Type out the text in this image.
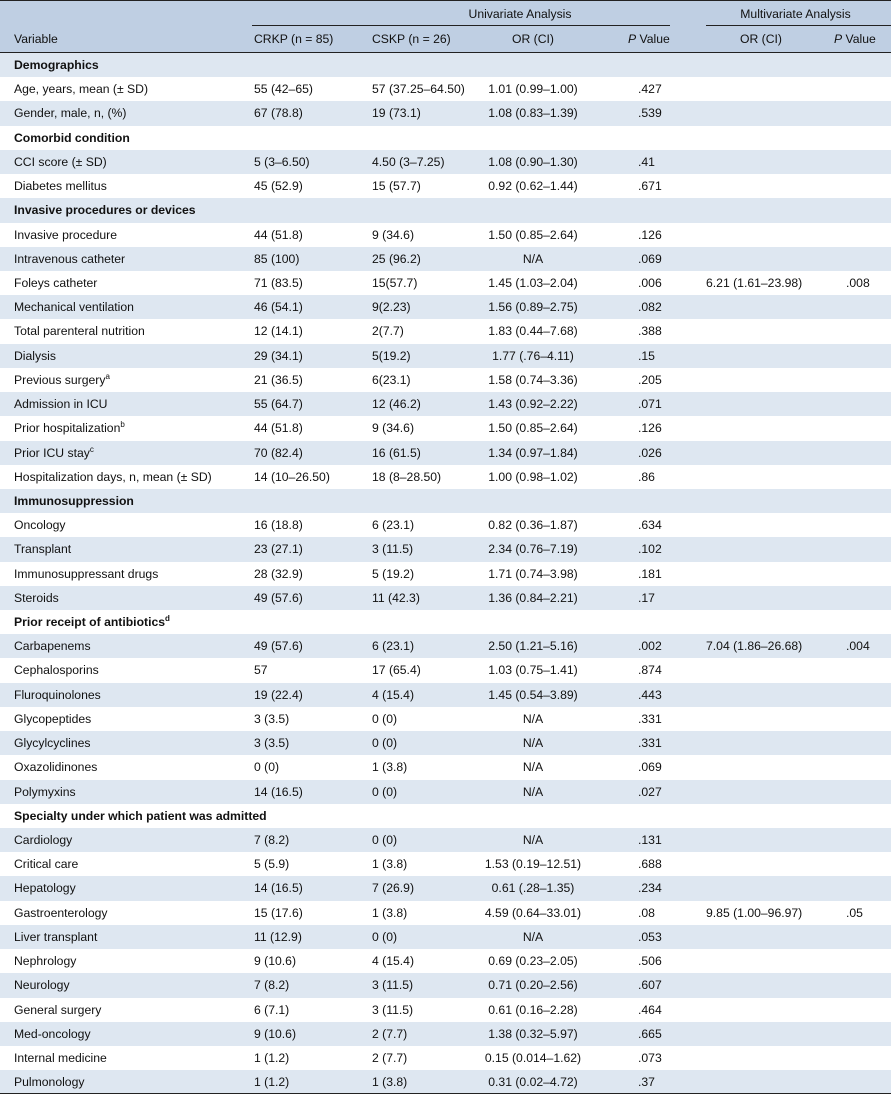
Univariate Analysis	Multivariate Analysis
Variable	CRKP (n = 85)	CSKP (n = 26)	OR (CI)	P Value	OR (CI)	P Value
Demographics
Age, years, mean (± SD)	55 (42–65)	57 (37.25–64.50)	1.01 (0.99–1.00)	.427
Gender, male, n, (%)	67 (78.8)	19 (73.1)	1.08 (0.83–1.39)	.539
Comorbid condition
CCI score (± SD)	5 (3–6.50)	4.50 (3–7.25)	1.08 (0.90–1.30)	.41
Diabetes mellitus	45 (52.9)	15 (57.7)	0.92 (0.62–1.44)	.671
Invasive procedures or devices
Invasive procedure	44 (51.8)	9 (34.6)	1.50 (0.85–2.64)	.126
Intravenous catheter	85 (100)	25 (96.2)	N/A	.069
Foleys catheter	71 (83.5)	15(57.7)	1.45 (1.03–2.04)	.006	6.21 (1.61–23.98)	.008
Mechanical ventilation	46 (54.1)	9(2.23)	1.56 (0.89–2.75)	.082
Total parenteral nutrition	12 (14.1)	2(7.7)	1.83 (0.44–7.68)	.388
Dialysis	29 (34.1)	5(19.2)	1.77 (.76–4.11)	.15
Previous surgery$^a$	21 (36.5)	6(23.1)	1.58 (0.74–3.36)	.205
Admission in ICU	55 (64.7)	12 (46.2)	1.43 (0.92–2.22)	.071
Prior hospitalization$^b$	44 (51.8)	9 (34.6)	1.50 (0.85–2.64)	.126
Prior ICU stay$^c$	70 (82.4)	16 (61.5)	1.34 (0.97–1.84)	.026
Hospitalization days, n, mean (± SD)	14 (10–26.50)	18 (8–28.50)	1.00 (0.98–1.02)	.86
Immunosuppression
Oncology	16 (18.8)	6 (23.1)	0.82 (0.36–1.87)	.634
Transplant	23 (27.1)	3 (11.5)	2.34 (0.76–7.19)	.102
Immunosuppressant drugs	28 (32.9)	5 (19.2)	1.71 (0.74–3.98)	.181
Steroids	49 (57.6)	11 (42.3)	1.36 (0.84–2.21)	.17
Prior receipt of antibiotics$^d$
Carbapenems	49 (57.6)	6 (23.1)	2.50 (1.21–5.16)	.002	7.04 (1.86–26.68)	.004
Cephalosporins	57	17 (65.4)	1.03 (0.75–1.41)	.874
Fluroquinolones	19 (22.4)	4 (15.4)	1.45 (0.54–3.89)	.443
Glycopeptides	3 (3.5)	0 (0)	N/A	.331
Glycylcyclines	3 (3.5)	0 (0)	N/A	.331
Oxazolidinones	0 (0)	1 (3.8)	N/A	.069
Polymyxins	14 (16.5)	0 (0)	N/A	.027
Specialty under which patient was admitted
Cardiology	7 (8.2)	0 (0)	N/A	.131
Critical care	5 (5.9)	1 (3.8)	1.53 (0.19–12.51)	.688
Hepatology	14 (16.5)	7 (26.9)	0.61 (.28–1.35)	.234
Gastroenterology	15 (17.6)	1 (3.8)	4.59 (0.64–33.01)	.08	9.85 (1.00–96.97)	.05
Liver transplant	11 (12.9)	0 (0)	N/A	.053
Nephrology	9 (10.6)	4 (15.4)	0.69 (0.23–2.05)	.506
Neurology	7 (8.2)	3 (11.5)	0.71 (0.20–2.56)	.607
General surgery	6 (7.1)	3 (11.5)	0.61 (0.16–2.28)	.464
Med-oncology	9 (10.6)	2 (7.7)	1.38 (0.32–5.97)	.665
Internal medicine	1 (1.2)	2 (7.7)	0.15 (0.014–1.62)	.073
Pulmonology	1 (1.2)	1 (3.8)	0.31 (0.02–4.72)	.37
